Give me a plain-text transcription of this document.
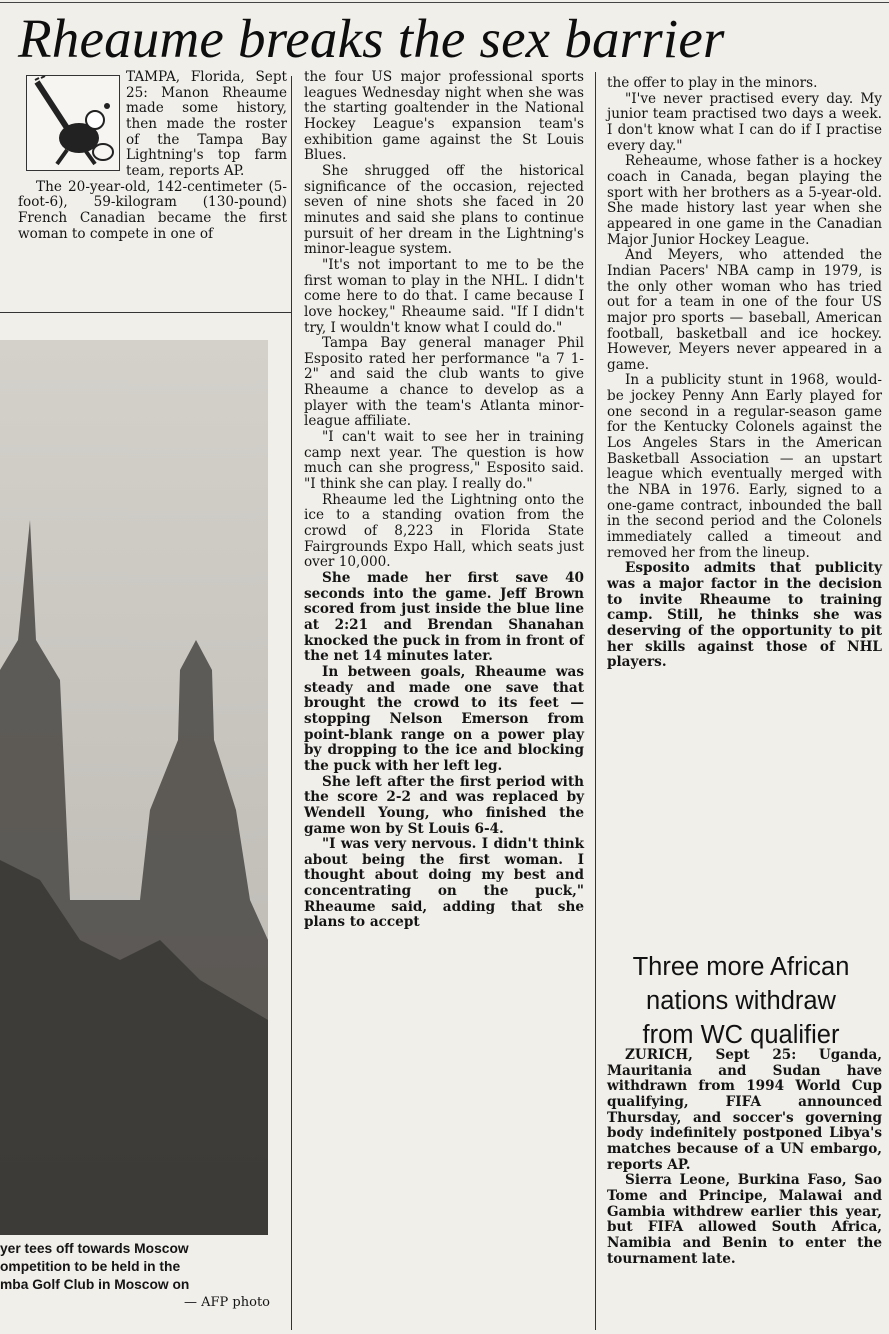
Rheaume breaks the sex barrier

TAMPA, Florida, Sept 25: Manon Rheaume made some history, then made the roster of the Tampa Bay Lightning's top farm team, reports AP.

The 20-year-old, 142-centimeter (5-foot-6), 59-kilogram (130-pound) French Canadian became the first woman to compete in one of

yer tees off towards Moscow
ompetition to be held in the
mba Golf Club in Moscow on
— AFP photo

the four US major professional sports leagues Wednesday night when she was the starting goaltender in the National Hockey League's expansion team's exhibition game against the St Louis Blues.

She shrugged off the historical significance of the occasion, rejected seven of nine shots she faced in 20 minutes and said she plans to continue pursuit of her dream in the Lightning's minor-league system.

"It's not important to me to be the first woman to play in the NHL. I didn't come here to do that. I came because I love hockey," Rheaume said. "If I didn't try, I wouldn't know what I could do."

Tampa Bay general manager Phil Esposito rated her performance "a 7 1-2" and said the club wants to give Rheaume a chance to develop as a player with the team's Atlanta minor-league affiliate.

"I can't wait to see her in training camp next year. The question is how much can she progress," Esposito said. "I think she can play. I really do."

Rheaume led the Lightning onto the ice to a standing ovation from the crowd of 8,223 in Florida State Fairgrounds Expo Hall, which seats just over 10,000.

She made her first save 40 seconds into the game. Jeff Brown scored from just inside the blue line at 2:21 and Brendan Shanahan knocked the puck in from in front of the net 14 minutes later.

In between goals, Rheaume was steady and made one save that brought the crowd to its feet — stopping Nelson Emerson from point-blank range on a power play by dropping to the ice and blocking the puck with her left leg.

She left after the first period with the score 2-2 and was replaced by Wendell Young, who finished the game won by St Louis 6-4.

"I was very nervous. I didn't think about being the first woman. I thought about doing my best and concentrating on the puck," Rheaume said, adding that she plans to accept

the offer to play in the minors.

"I've never practised every day. My junior team practised two days a week. I don't know what I can do if I practise every day."

Reheaume, whose father is a hockey coach in Canada, began playing the sport with her brothers as a 5-year-old. She made history last year when she appeared in one game in the Canadian Major Junior Hockey League.

And Meyers, who attended the Indian Pacers' NBA camp in 1979, is the only other woman who has tried out for a team in one of the four US major pro sports — baseball, American football, basketball and ice hockey. However, Meyers never appeared in a game.

In a publicity stunt in 1968, would-be jockey Penny Ann Early played for one second in a regular-season game for the Kentucky Colonels against the Los Angeles Stars in the American Basketball Association — an upstart league which eventually merged with the NBA in 1976. Early, signed to a one-game contract, inbounded the ball in the second period and the Colonels immediately called a timeout and removed her from the lineup.

Esposito admits that publicity was a major factor in the decision to invite Rheaume to training camp. Still, he thinks she was deserving of the opportunity to pit her skills against those of NHL players.

Three more African
nations withdraw
from WC qualifier

ZURICH, Sept 25: Uganda, Mauritania and Sudan have withdrawn from 1994 World Cup qualifying, FIFA announced Thursday, and soccer's governing body indefinitely postponed Libya's matches because of a UN embargo, reports AP.

Sierra Leone, Burkina Faso, Sao Tome and Principe, Malawai and Gambia withdrew earlier this year, but FIFA allowed South Africa, Namibia and Benin to enter the tournament late.
